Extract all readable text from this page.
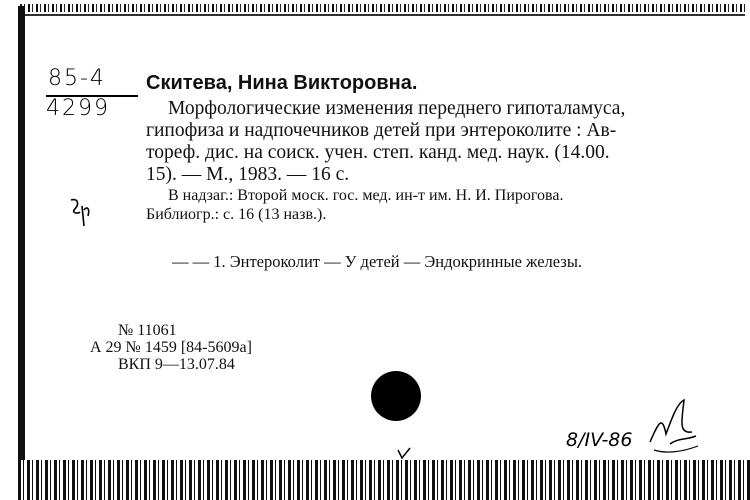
85-4
4299
Скитева, Нина Викторовна.
Морфологические изменения переднего гипоталамуса,
гипофиза и надпочечников детей при энтероколите : Ав-
тореф. дис. на соиск. учен. степ. канд. мед. наук. (14.00.
15). — М., 1983. — 16 с.
В надзаг.: Второй моск. гос. мед. ин-т им. Н. И. Пирогова.
Библиогр.: с. 16 (13 назв.).
— — 1. Энтероколит — У детей — Эндокринные железы.
№ 11061
А 29 № 1459 [84-5609а]
ВКП 9—13.07.84
8/IV-86
